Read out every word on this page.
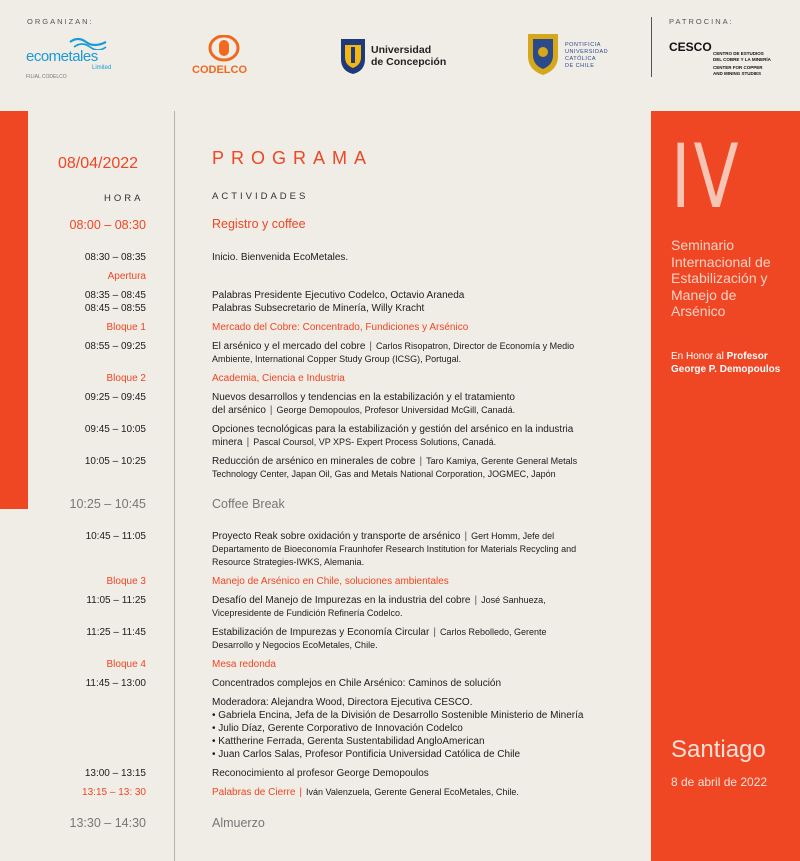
ORGANIZAN:	PATROCINA:
ecometales
Limited
FILIAL CODELCO
CODELCO
Universidad
de Concepción
PONTIFICIA
UNIVERSIDAD
CATÓLICA
DE CHILE
CESCO CENTRO DE ESTUDIOS
DEL COBRE Y LA MINERÍA
CENTER FOR COPPER
AND MINING STUDIES
08/04/2022	PROGRAMA
HORA	ACTIVIDADES
08:00 – 08:30	Registro y coffee
08:30 – 08:35	Inicio. Bienvenida EcoMetales.
Apertura
08:35 – 08:45	Palabras Presidente Ejecutivo Codelco, Octavio Araneda
08:45 – 08:55	Palabras Subsecretario de Minería, Willy Kracht
Bloque 1	Mercado del Cobre: Concentrado, Fundiciones y Arsénico
08:55 – 09:25	El arsénico y el mercado del cobre | Carlos Risopatron, Director de Economía y Medio
Ambiente, International Copper Study Group (ICSG), Portugal.
Bloque 2	Academia, Ciencia e Industria
09:25 – 09:45	Nuevos desarrollos y tendencias en la estabilización y el tratamiento
del arsénico | George Demopoulos, Profesor Universidad McGill, Canadá.
09:45 – 10:05	Opciones tecnológicas para la estabilización y gestión del arsénico en la industria
minera | Pascal Coursol, VP XPS- Expert Process Solutions, Canadá.
10:05 – 10:25	Reducción de arsénico en minerales de cobre | Taro Kamiya, Gerente General Metals
Technology Center, Japan Oil, Gas and Metals National Corporation, JOGMEC, Japón
10:25 – 10:45	Coffee Break
10:45 – 11:05	Proyecto Reak sobre oxidación y transporte de arsénico | Gert Homm, Jefe del
Departamento de Bioeconomía Fraunhofer Research Institution for Materials Recycling and
Resource Strategies-IWKS, Alemania.
Bloque 3	Manejo de Arsénico en Chile, soluciones ambientales
11:05 – 11:25	Desafío del Manejo de Impurezas en la industria del cobre | José Sanhueza,
Vicepresidente de Fundición Refinería Codelco.
11:25 – 11:45	Estabilización de Impurezas y Economía Circular | Carlos Rebolledo, Gerente
Desarrollo y Negocios EcoMetales, Chile.
Bloque 4	Mesa redonda
11:45 – 13:00	Concentrados complejos en Chile Arsénico: Caminos de solución
Moderadora: Alejandra Wood, Directora Ejecutiva CESCO.
• Gabriela Encina, Jefa de la División de Desarrollo Sostenible Ministerio de Minería
• Julio Díaz, Gerente Corporativo de Innovación Codelco
• Kattherine Ferrada, Gerenta Sustentabilidad AngloAmerican
• Juan Carlos Salas, Profesor Pontificia Universidad Católica de Chile
13:00 – 13:15	Reconocimiento al profesor George Demopoulos
13:15 – 13: 30	Palabras de Cierre | Iván Valenzuela, Gerente General EcoMetales, Chile.
13:30 – 14:30	Almuerzo
IV
Seminario
Internacional de
Estabilización y
Manejo de
Arsénico
En Honor al Profesor
George P. Demopoulos
Santiago
8 de abril de 2022
